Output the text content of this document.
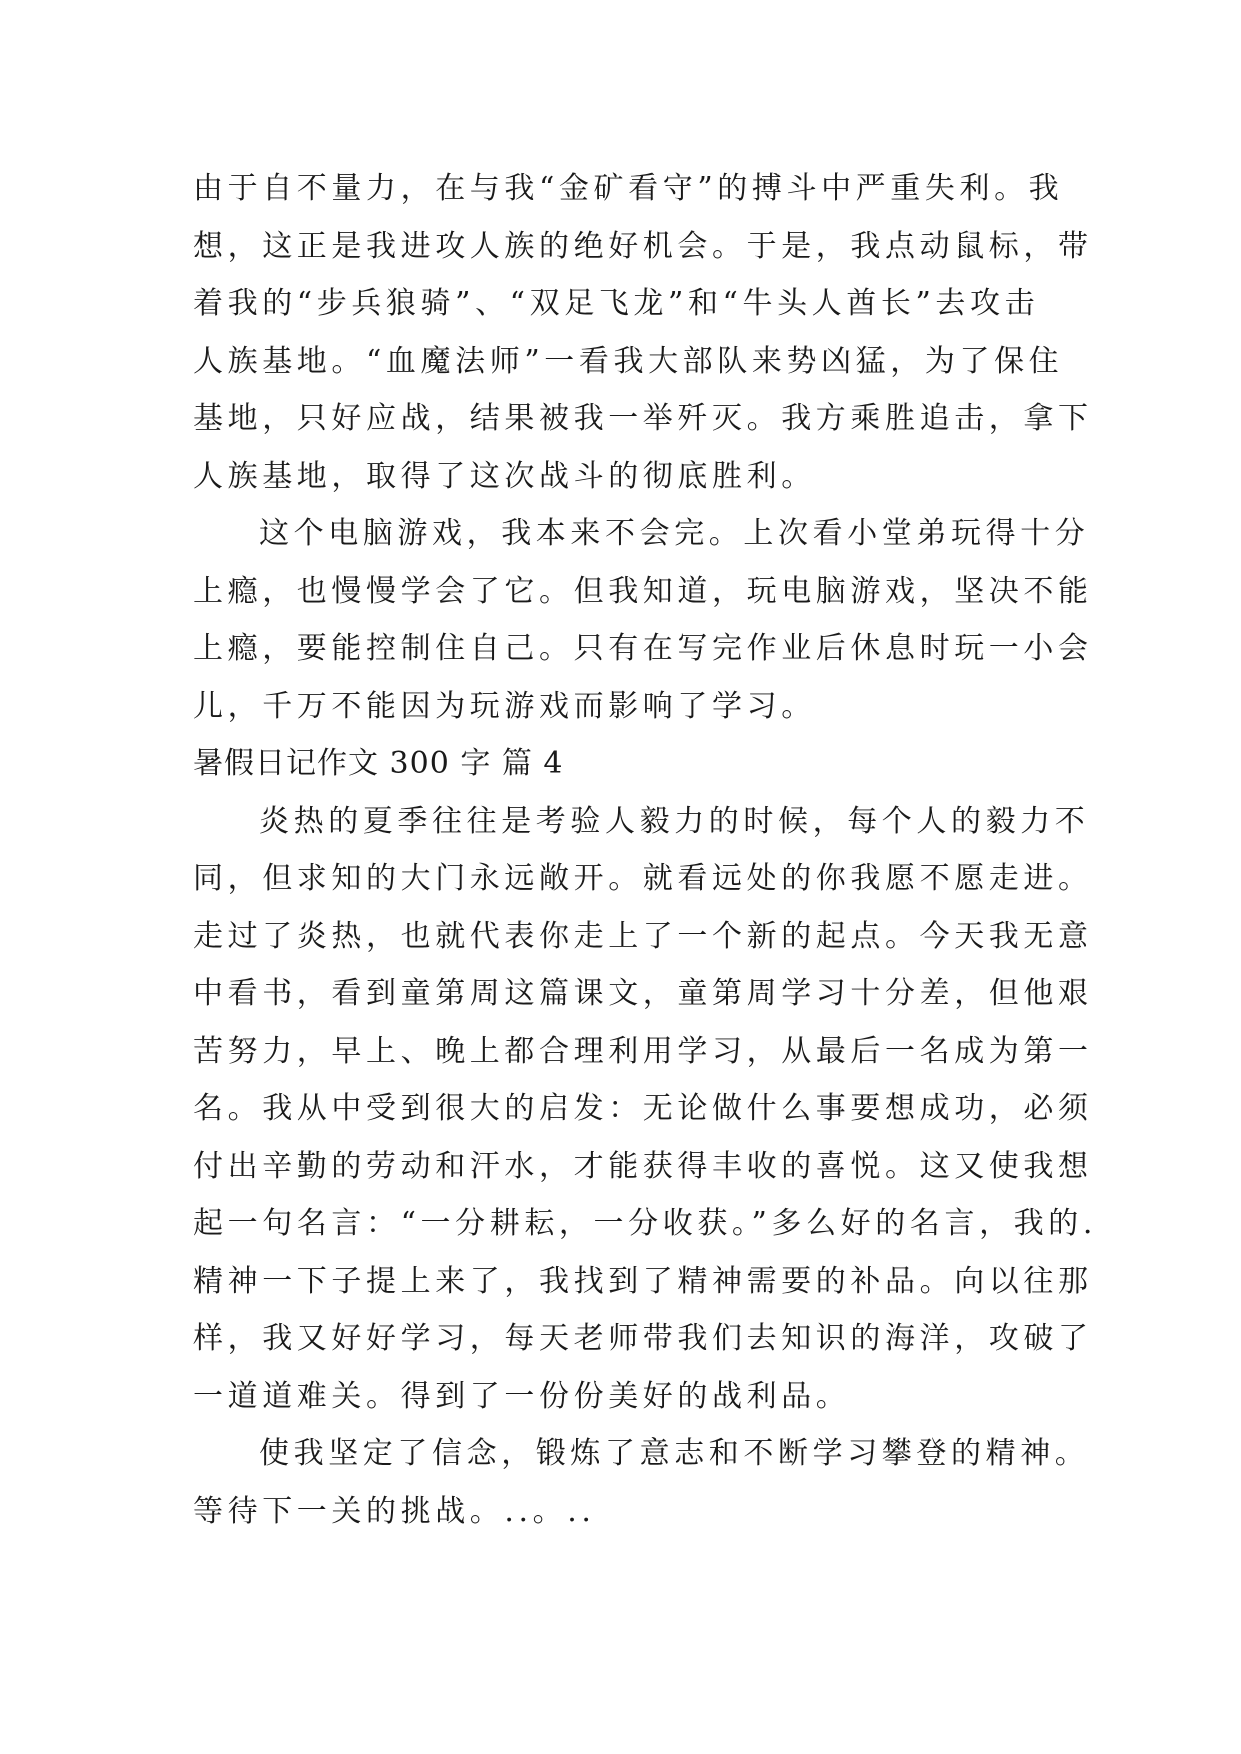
由于自不量力，在与我“金矿看守”的搏斗中严重失利。我
想，这正是我进攻人族的绝好机会。于是，我点动鼠标，带
着我的“步兵狼骑”、“双足飞龙”和“牛头人酋长”去攻击
人族基地。“血魔法师”一看我大部队来势凶猛，为了保住
基地，只好应战，结果被我一举歼灭。我方乘胜追击，拿下
人族基地，取得了这次战斗的彻底胜利。
这个电脑游戏，我本来不会完。上次看小堂弟玩得十分
上瘾，也慢慢学会了它。但我知道，玩电脑游戏，坚决不能
上瘾，要能控制住自己。只有在写完作业后休息时玩一小会
儿，千万不能因为玩游戏而影响了学习。
暑假日记作文 300 字 篇 4
炎热的夏季往往是考验人毅力的时候，每个人的毅力不
同，但求知的大门永远敞开。就看远处的你我愿不愿走进。
走过了炎热，也就代表你走上了一个新的起点。今天我无意
中看书，看到童第周这篇课文，童第周学习十分差，但他艰
苦努力，早上、晚上都合理利用学习，从最后一名成为第一
名。我从中受到很大的启发：无论做什么事要想成功，必须
付出辛勤的劳动和汗水，才能获得丰收的喜悦。这又使我想
起一句名言：“一分耕耘，一分收获。”多么好的名言，我的.
精神一下子提上来了，我找到了精神需要的补品。向以往那
样，我又好好学习，每天老师带我们去知识的海洋，攻破了
一道道难关。得到了一份份美好的战利品。
使我坚定了信念，锻炼了意志和不断学习攀登的精神。
等待下一关的挑战。..。..
